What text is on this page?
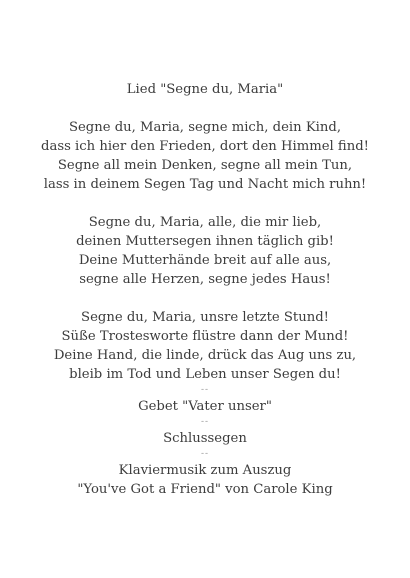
Lied "Segne du, Maria"
Segne du, Maria, segne mich, dein Kind,
dass ich hier den Frieden, dort den Himmel find!
Segne all mein Denken, segne all mein Tun,
lass in deinem Segen Tag und Nacht mich ruhn!
Segne du, Maria, alle, die mir lieb,
deinen Muttersegen ihnen täglich gib!
Deine Mutterhände breit auf alle aus,
segne alle Herzen, segne jedes Haus!
Segne du, Maria, unsre letzte Stund!
Süße Trostesworte flüstre dann der Mund!
Deine Hand, die linde, drück das Aug uns zu,
bleib im Tod und Leben unser Segen du!
--
Gebet "Vater unser"
--
Schlussegen
--
Klaviermusik zum Auszug
"You've Got a Friend" von Carole King
